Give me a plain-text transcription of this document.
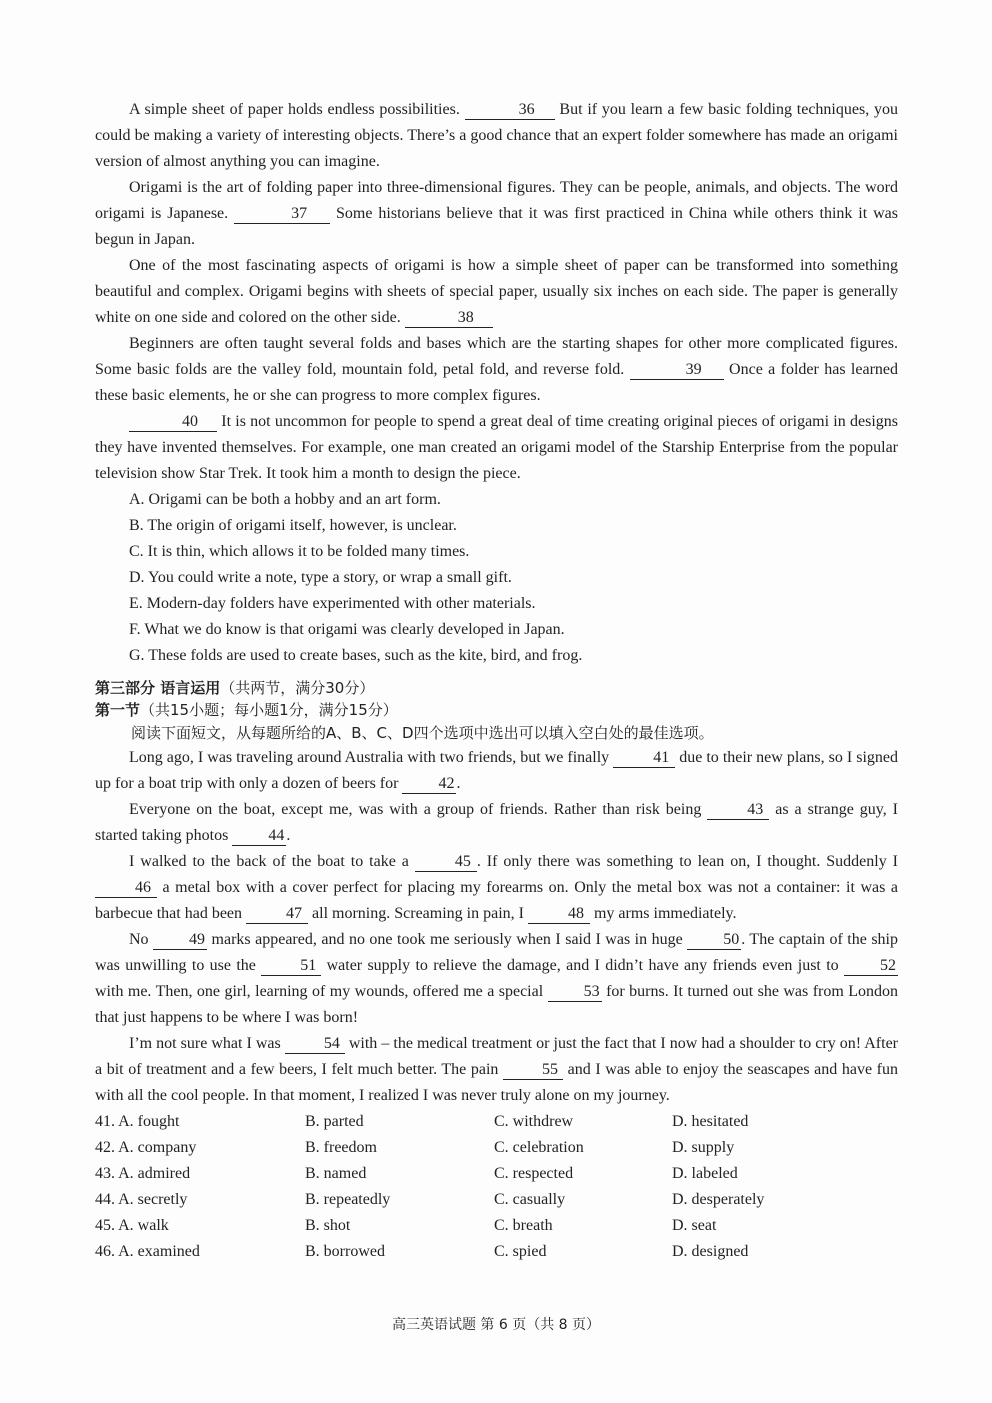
A simple sheet of paper holds endless possibilities.	36 But if you learn a few basic folding techniques, you could be making a variety of interesting objects. There’s a good chance that an expert folder somewhere has made an origami version of almost anything you can imagine.

Origami is the art of folding paper into three-dimensional figures. They can be people, animals, and objects. The word origami is Japanese.	37 Some historians believe that it was first practiced in China while others think it was begun in Japan.

One of the most fascinating aspects of origami is how a simple sheet of paper can be transformed into something beautiful and complex. Origami begins with sheets of special paper, usually six inches on each side. The paper is generally white on one side and colored on the other side.	38

Beginners are often taught several folds and bases which are the starting shapes for other more complicated figures. Some basic folds are the valley fold, mountain fold, petal fold, and reverse fold.	39 Once a folder has learned these basic elements, he or she can progress to more complex figures.

40 It is not uncommon for people to spend a great deal of time creating original pieces of origami in designs they have invented themselves. For example, one man created an origami model of the Starship Enterprise from the popular television show Star Trek. It took him a month to design the piece.

A. Origami can be both a hobby and an art form.

B. The origin of origami itself, however, is unclear.

C. It is thin, which allows it to be folded many times.

D. You could write a note, type a story, or wrap a small gift.

E. Modern-day folders have experimented with other materials.

F. What we do know is that origami was clearly developed in Japan.

G. These folds are used to create bases, such as the kite, bird, and frog.

第三部分 语言运用（共两节，满分30分）
第一节（共15小题；每小题1分，满分15分）

阅读下面短文，从每题所给的A、B、C、D四个选项中选出可以填入空白处的最佳选项。

Long ago, I was traveling around Australia with two friends, but we finally	41 due to their new plans, so I signed up for a boat trip with only a dozen of beers for 42 .

Everyone on the boat, except me, was with a group of friends. Rather than risk being	43 as a strange guy, I started taking photos 44 .

I walked to the back of the boat to take a	45 . If only there was something to lean on, I thought. Suddenly I 46 a metal box with a cover perfect for placing my forearms on. Only the metal box was not a container: it was a barbecue that had been	47 all morning. Screaming in pain, I	48 my arms immediately.

No 49 marks appeared, and no one took me seriously when I said I was in huge 50 . The captain of the ship was unwilling to use the 51 water supply to relieve the damage, and I didn’t have any friends even just to 52 with me. Then, one girl, learning of my wounds, offered me a special 53 for burns. It turned out she was from London that just happens to be where I was born!

I’m not sure what I was 54 with – the medical treatment or just the fact that I now had a shoulder to cry on! After a bit of treatment and a few beers, I felt much better. The pain 55 and I was able to enjoy the seascapes and have fun with all the cool people. In that moment, I realized I was never truly alone on my journey.

41. A. fought	B. parted	C. withdrew	D. hesitated
42. A. company	B. freedom	C. celebration	D. supply
43. A. admired	B. named	C. respected	D. labeled
44. A. secretly	B. repeatedly	C. casually	D. desperately
45. A. walk	B. shot	C. breath	D. seat
46. A. examined	B. borrowed	C. spied	D. designed
高三英语试题 第 6 页（共 8 页）
